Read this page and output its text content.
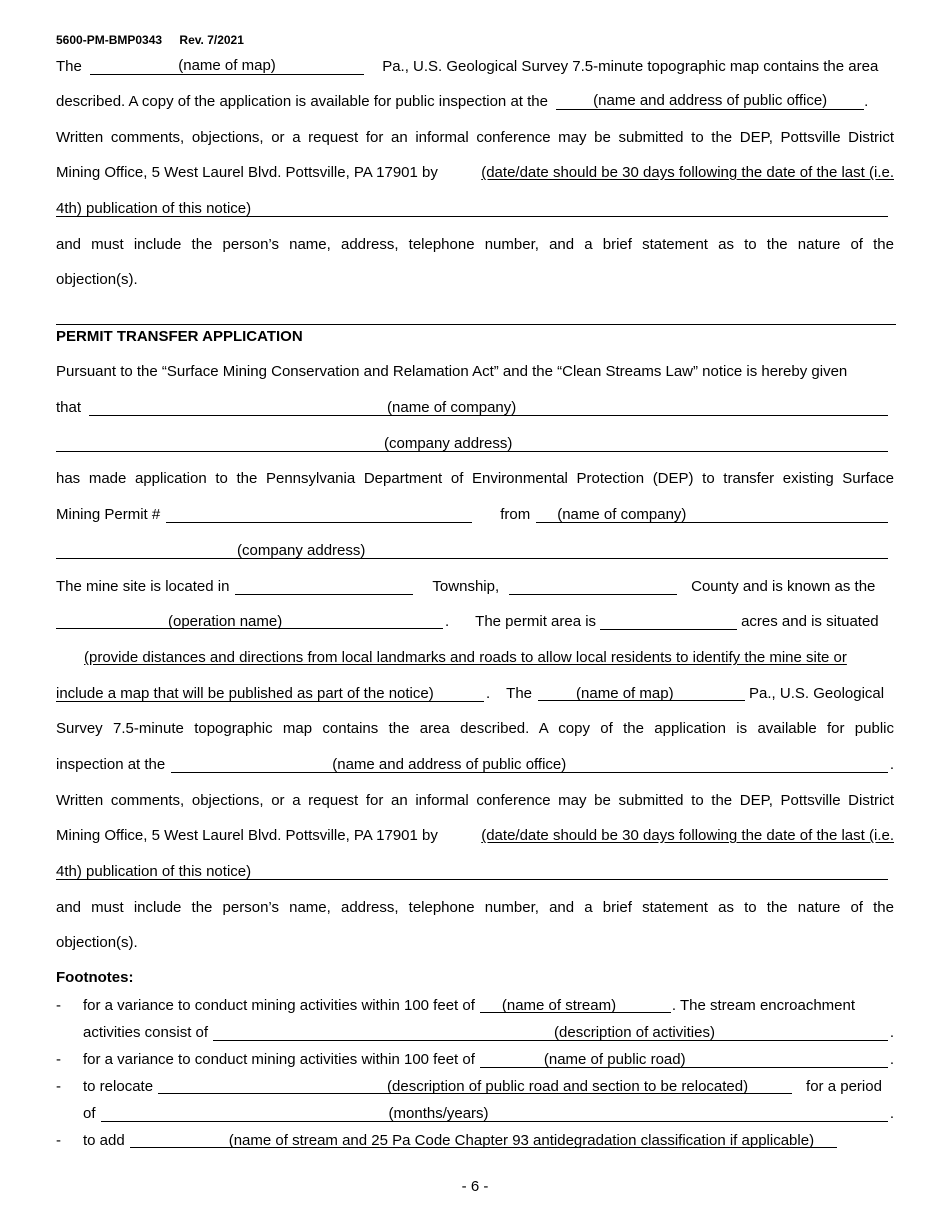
5600-PM-BMP0343 Rev. 7/2021
The	(name of map)	Pa., U.S. Geological Survey 7.5-minute topographic map contains the area
described. A copy of the application is available for public inspection at the	(name and address of public office) .
Written comments, objections, or a request for an informal conference may be submitted to the DEP, Pottsville District
Mining Office, 5 West Laurel Blvd. Pottsville, PA 17901 by	(date/date should be 30 days following the date of the last (i.e.
4th) publication of this notice)
and must include the person’s name, address, telephone number, and a brief statement as to the nature of the
objection(s).
PERMIT TRANSFER APPLICATION
Pursuant to the “Surface Mining Conservation and Relamation Act” and the “Clean Streams Law” notice is hereby given
that	(name of company)
(company address)
has made application to the Pennsylvania Department of Environmental Protection (DEP) to transfer existing Surface
Mining Permit #	from	(name of company)
(company address)
The mine site is located in	Township,	County and is known as the
(operation name)	. The permit area is	acres and is situated
(provide distances and directions from local landmarks and roads to allow local residents to identify the mine site or
include a map that will be published as part of the notice)	. The	(name of map)	Pa., U.S. Geological
Survey 7.5-minute topographic map contains the area described. A copy of the application is available for public
inspection at the	(name and address of public office)	.
Written comments, objections, or a request for an informal conference may be submitted to the DEP, Pottsville District
Mining Office, 5 West Laurel Blvd. Pottsville, PA 17901 by	(date/date should be 30 days following the date of the last (i.e.
4th) publication of this notice)
and must include the person’s name, address, telephone number, and a brief statement as to the nature of the
objection(s).
Footnotes:
- for a variance to conduct mining activities within 100 feet of	(name of stream)	. The stream encroachment
activities consist of	(description of activities)	.
- for a variance to conduct mining activities within 100 feet of	(name of public road)	.
- to relocate	(description of public road and section to be relocated)	for a period
of	(months/years)	.
- to add	(name of stream and 25 Pa Code Chapter 93 antidegradation classification if applicable)
- 6 -
